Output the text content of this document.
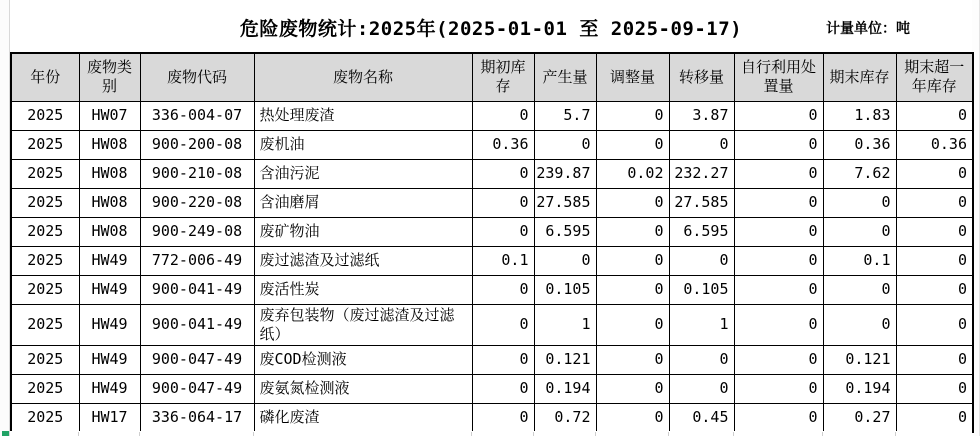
危险废物统计:2025年(2025-01-01 至 2025-09-17)	计量单位：吨
年份	废物类别	废物代码	废物名称	期初库存	产生量	调整量	转移量	自行利用处置量	期末库存	期末超一年库存
2025	HW07	336-004-07	热处理废渣	0	5.7	0	3.87	0	1.83	0
2025	HW08	900-200-08	废机油	0.36	0	0	0	0	0.36	0.36
2025	HW08	900-210-08	含油污泥	0	239.87	0.02	232.27	0	7.62	0
2025	HW08	900-220-08	含油磨屑	0	27.585	0	27.585	0	0	0
2025	HW08	900-249-08	废矿物油	0	6.595	0	6.595	0	0	0
2025	HW49	772-006-49	废过滤渣及过滤纸	0.1	0	0	0	0	0.1	0
2025	HW49	900-041-49	废活性炭	0	0.105	0	0.105	0	0	0
2025	HW49	900-041-49	废弃包装物（废过滤渣及过滤纸）	0	1	0	1	0	0	0
2025	HW49	900-047-49	废COD检测液	0	0.121	0	0	0	0.121	0
2025	HW49	900-047-49	废氨氮检测液	0	0.194	0	0	0	0.194	0
2025	HW17	336-064-17	磷化废渣	0	0.72	0	0.45	0	0.27	0
